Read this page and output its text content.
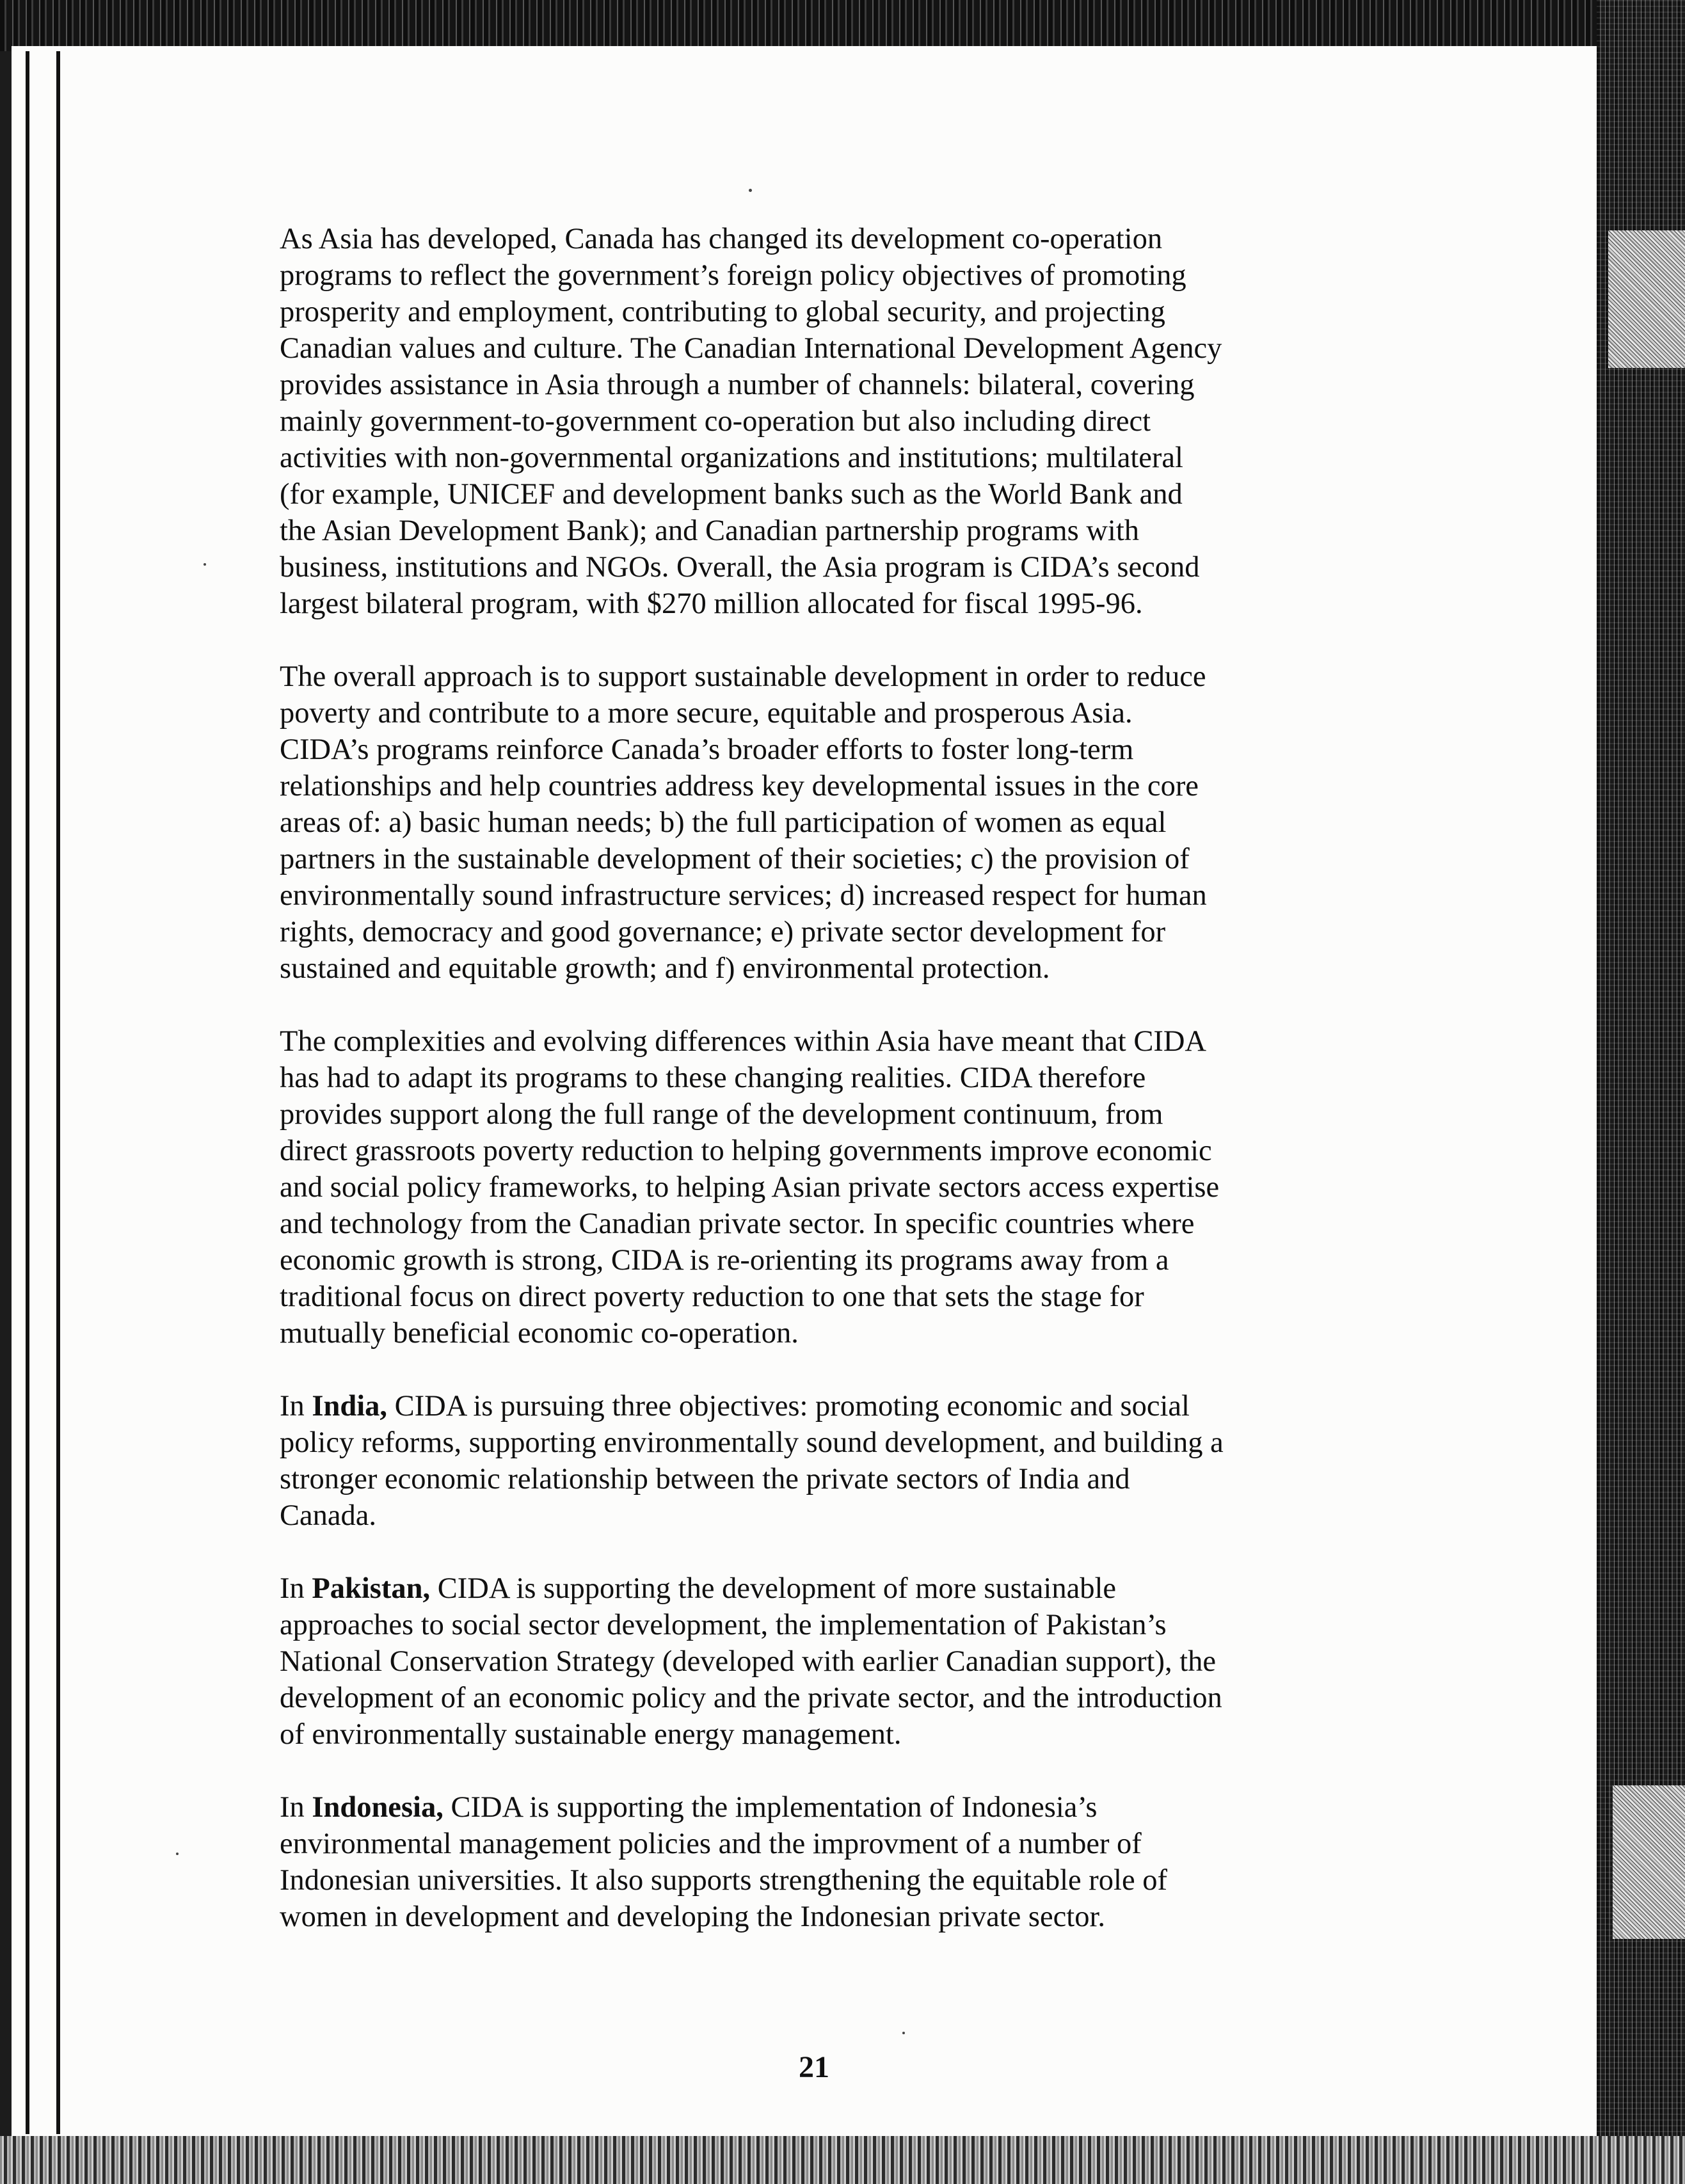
As Asia has developed, Canada has changed its development co-operation
programs to reflect the government’s foreign policy objectives of promoting
prosperity and employment, contributing to global security, and projecting
Canadian values and culture. The Canadian International Development Agency
provides assistance in Asia through a number of channels: bilateral, covering
mainly government-to-government co-operation but also including direct
activities with non-governmental organizations and institutions; multilateral
(for example, UNICEF and development banks such as the World Bank and
the Asian Development Bank); and Canadian partnership programs with
business, institutions and NGOs. Overall, the Asia program is CIDA’s second
largest bilateral program, with $270 million allocated for fiscal 1995-96.

The overall approach is to support sustainable development in order to reduce
poverty and contribute to a more secure, equitable and prosperous Asia.
CIDA’s programs reinforce Canada’s broader efforts to foster long-term
relationships and help countries address key developmental issues in the core
areas of: a) basic human needs; b) the full participation of women as equal
partners in the sustainable development of their societies; c) the provision of
environmentally sound infrastructure services; d) increased respect for human
rights, democracy and good governance; e) private sector development for
sustained and equitable growth; and f) environmental protection.

The complexities and evolving differences within Asia have meant that CIDA
has had to adapt its programs to these changing realities. CIDA therefore
provides support along the full range of the development continuum, from
direct grassroots poverty reduction to helping governments improve economic
and social policy frameworks, to helping Asian private sectors access expertise
and technology from the Canadian private sector. In specific countries where
economic growth is strong, CIDA is re-orienting its programs away from a
traditional focus on direct poverty reduction to one that sets the stage for
mutually beneficial economic co-operation.

In India, CIDA is pursuing three objectives: promoting economic and social
policy reforms, supporting environmentally sound development, and building a
stronger economic relationship between the private sectors of India and
Canada.

In Pakistan, CIDA is supporting the development of more sustainable
approaches to social sector development, the implementation of Pakistan’s
National Conservation Strategy (developed with earlier Canadian support), the
development of an economic policy and the private sector, and the introduction
of environmentally sustainable energy management.

In Indonesia, CIDA is supporting the implementation of Indonesia’s
environmental management policies and the improvment of a number of
Indonesian universities. It also supports strengthening the equitable role of
women in development and developing the Indonesian private sector.

21
